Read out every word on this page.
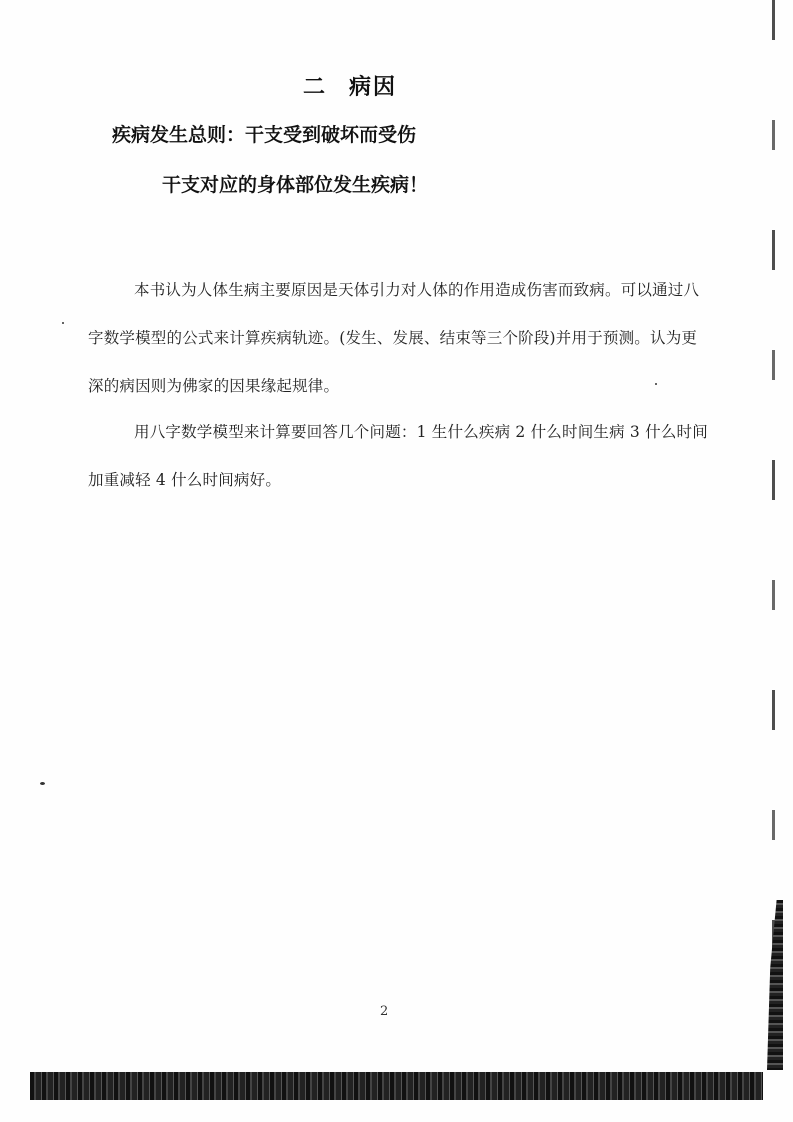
二 病因
疾病发生总则：干支受到破坏而受伤
干支对应的身体部位发生疾病！

本书认为人体生病主要原因是天体引力对人体的作用造成伤害而致病。可以通过八字数学模型的公式来计算疾病轨迹。(发生、发展、结束等三个阶段)并用于预测。认为更深的病因则为佛家的因果缘起规律。

用八字数学模型来计算要回答几个问题：1 生什么疾病 2 什么时间生病 3 什么时间加重减轻 4 什么时间病好。

2
